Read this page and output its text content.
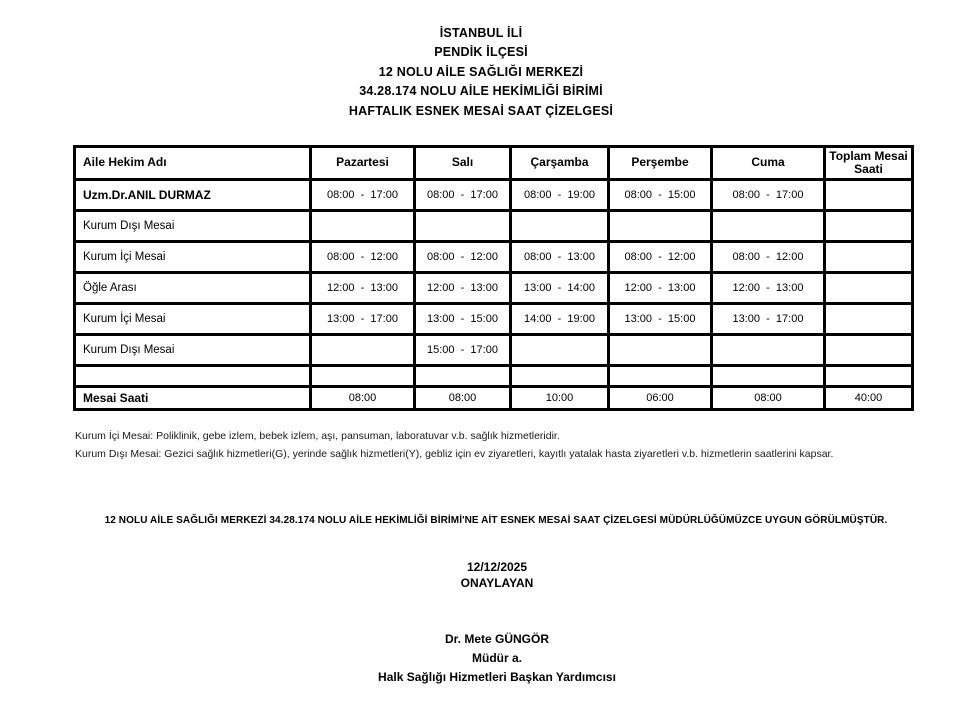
İSTANBUL İLİ
PENDİK İLÇESİ
12 NOLU AİLE SAĞLIĞI MERKEZİ
34.28.174 NOLU AİLE HEKİMLİĞİ BİRİMİ
HAFTALIK ESNEK MESAİ SAAT ÇİZELGESİ
Aile Hekim Adı	Pazartesi	Salı	Çarşamba	Perşembe	Cuma	Toplam Mesai Saati
Uzm.Dr.ANIL DURMAZ	08:00  -  17:00	08:00  -  17:00	08:00  -  19:00	08:00  -  15:00	08:00  -  17:00	
Kurum Dışı Mesai						
Kurum İçi Mesai	08:00  -  12:00	08:00  -  12:00	08:00  -  13:00	08:00  -  12:00	08:00  -  12:00	
Öğle Arası	12:00  -  13:00	12:00  -  13:00	13:00  -  14:00	12:00  -  13:00	12:00  -  13:00	
Kurum İçi Mesai	13:00  -  17:00	13:00  -  15:00	14:00  -  19:00	13:00  -  15:00	13:00  -  17:00	
Kurum Dışı Mesai		15:00  -  17:00				

Mesai Saati	08:00	08:00	10:00	06:00	08:00	40:00
Kurum İçi Mesai: Poliklinik, gebe izlem, bebek izlem, aşı, pansuman, laboratuvar v.b. sağlık hizmetleridir.
Kurum Dışı Mesai: Gezici sağlık hizmetleri(G), yerinde sağlık hizmetleri(Y), gebliz için ev ziyaretleri, kayıtlı yatalak hasta ziyaretleri v.b. hizmetlerin saatlerini kapsar.
12 NOLU AİLE SAĞLIĞI MERKEZİ 34.28.174 NOLU AİLE HEKİMLİĞİ BİRİMİ'NE AİT ESNEK MESAİ SAAT ÇİZELGESİ MÜDÜRLÜĞÜMÜZCE UYGUN GÖRÜLMÜŞTÜR.
12/12/2025
ONAYLAYAN
Dr. Mete GÜNGÖR
Müdür a.
Halk Sağlığı Hizmetleri Başkan Yardımcısı
